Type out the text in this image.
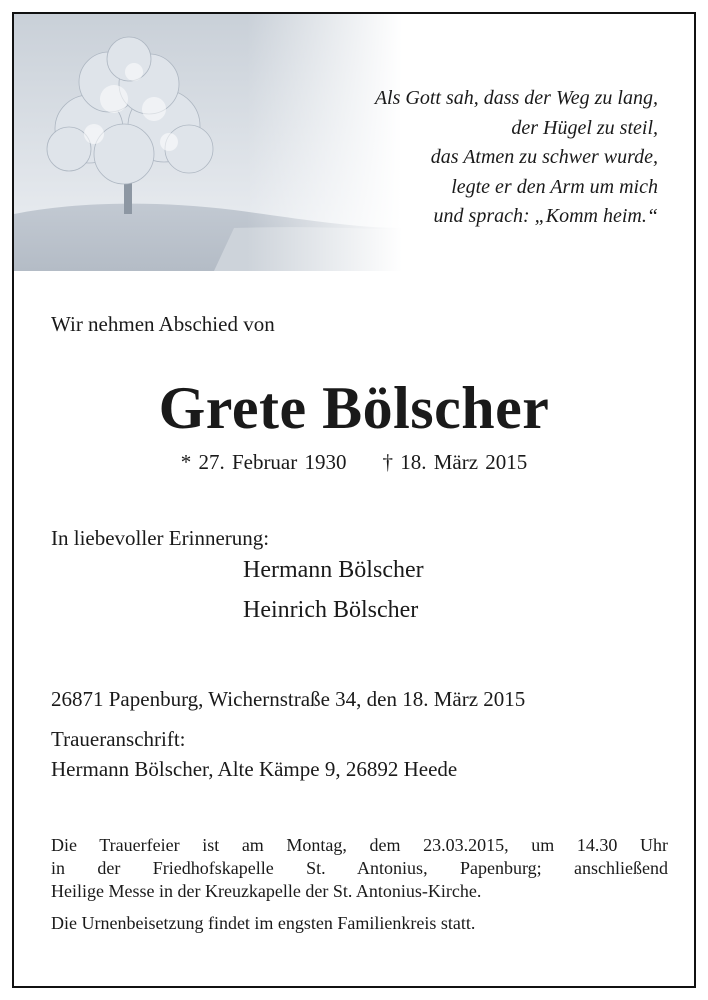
Als Gott sah, dass der Weg zu lang,
der Hügel zu steil,
das Atmen zu schwer wurde,
legte er den Arm um mich
und sprach: „Komm heim.“
Wir nehmen Abschied von
Grete Bölscher
* 27. Februar 1930 † 18. März 2015
In liebevoller Erinnerung:
Hermann Bölscher
Heinrich Bölscher
26871 Papenburg, Wichernstraße 34, den 18. März 2015
Traueranschrift:
Hermann Bölscher, Alte Kämpe 9, 26892 Heede
Die Trauerfeier ist am Montag, dem 23.03.2015, um 14.30 Uhr
in der Friedhofskapelle St. Antonius, Papenburg; anschließend
Heilige Messe in der Kreuzkapelle der St. Antonius-Kirche.
Die Urnenbeisetzung findet im engsten Familienkreis statt.
